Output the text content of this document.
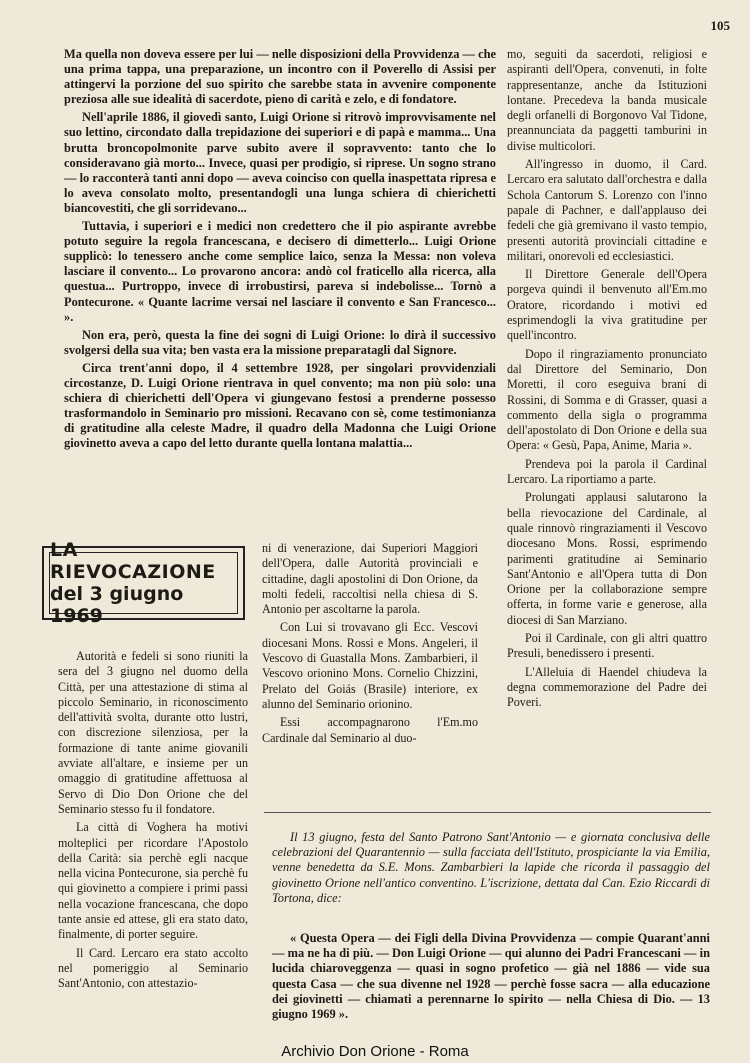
105

Ma quella non doveva essere per lui — nelle disposizioni della Provvidenza — che una prima tappa, una preparazione, un incontro con il Poverello di Assisi per attingervi la porzione del suo spirito che sarebbe stata in avvenire componente preziosa alle sue idealità di sacerdote, pieno di carità e zelo, e di fondatore.

Nell'aprile 1886, il giovedì santo, Luigi Orione si ritrovò improvvisamente nel suo lettino, circondato dalla trepidazione dei superiori e di papà e mamma... Una brutta broncopolmonite parve subito avere il sopravvento: tanto che lo consideravano già morto... Invece, quasi per prodigio, si riprese. Un sogno strano — lo racconterà tanti anni dopo — aveva coinciso con quella inaspettata ripresa e lo aveva consolato molto, presentandogli una lunga schiera di chierichetti biancovestiti, che gli sorridevano...

Tuttavia, i superiori e i medici non credettero che il pio aspirante avrebbe potuto seguire la regola francescana, e decisero di dimetterlo... Luigi Orione supplicò: lo tenessero anche come semplice laico, senza la Messa: non voleva lasciare il convento... Lo provarono ancora: andò col fraticello alla ricerca, alla questua... Purtroppo, invece di irrobustirsi, pareva si indebolisse... Tornò a Pontecurone. « Quante lacrime versai nel lasciare il convento e San Francesco... ».

Non era, però, questa la fine dei sogni di Luigi Orione: lo dirà il successivo svolgersi della sua vita; ben vasta era la missione preparatagli dal Signore.

Circa trent'anni dopo, il 4 settembre 1928, per singolari provvidenziali circostanze, D. Luigi Orione rientrava in quel convento; ma non più solo: una schiera di chierichetti dell'Opera vi giungevano festosi a prenderne possesso trasformandolo in Seminario pro missioni. Recavano con sè, come testimonianza di gratitudine alla celeste Madre, il quadro della Madonna che Luigi Orione giovinetto aveva a capo del letto durante quella lontana malattia...

mo, seguiti da sacerdoti, religiosi e aspiranti dell'Opera, convenuti, in folte rappresentanze, anche da Istituzioni lontane. Precedeva la banda musicale degli orfanelli di Borgonovo Val Tidone, preannunciata da paggetti tamburini in divise multicolori.

All'ingresso in duomo, il Card. Lercaro era salutato dall'orchestra e dalla Schola Cantorum S. Lorenzo con l'inno papale di Pachner, e dall'applauso dei fedeli che già gremivano il vasto tempio, presenti autorità provinciali cittadine e militari, onorevoli ed ecclesiastici.

Il Direttore Generale dell'Opera porgeva quindi il benvenuto all'Em.mo Oratore, ricordando i motivi ed esprimendogli la viva gratitudine per quell'incontro.

Dopo il ringraziamento pronunciato dal Direttore del Seminario, Don Moretti, il coro eseguiva brani di Rossini, di Somma e di Grasser, quasi a commento della sigla o programma dell'apostolato di Don Orione e della sua Opera: « Gesù, Papa, Anime, Maria ».

Prendeva poi la parola il Cardinal Lercaro. La riportiamo a parte.

Prolungati applausi salutarono la bella rievocazione del Cardinale, al quale rinnovò ringraziamenti il Vescovo diocesano Mons. Rossi, esprimendo parimenti gratitudine ai Seminario Sant'Antonio e all'Opera tutta di Don Orione per la collaborazione sempre offerta, in forme varie e generose, alla diocesi di San Marziano.

Poi il Cardinale, con gli altri quattro Presuli, benedissero i presenti.

L'Alleluia di Haendel chiudeva la degna commemorazione del Padre dei Poveri.

LA RIEVOCAZIONE
del 3 giugno 1969

ni di venerazione, dai Superiori Maggiori dell'Opera, dalle Autorità provinciali e cittadine, dagli apostolini di Don Orione, da molti fedeli, raccoltisi nella chiesa di S. Antonio per ascoltarne la parola.

Con Lui si trovavano gli Ecc. Vescovi diocesani Mons. Rossi e Mons. Angeleri, il Vescovo di Guastalla Mons. Zambarbieri, il Vescovo orionino Mons. Cornelio Chizzini, Prelato del Goiás (Brasile) interiore, ex alunno del Seminario orionino.

Essi accompagnarono l'Em.mo Cardinale dal Seminario al duo-

Autorità e fedeli si sono riuniti la sera del 3 giugno nel duomo della Città, per una attestazione di stima al piccolo Seminario, in riconoscimento dell'attività svolta, durante otto lustri, con discrezione silenziosa, per la formazione di tante anime giovanili avviate all'altare, e insieme per un omaggio di gratitudine affettuosa al Servo di Dio Don Orione che del Seminario stesso fu il fondatore.

La città di Voghera ha motivi molteplici per ricordare l'Apostolo della Carità: sia perchè egli nacque nella vicina Pontecurone, sia perchè fu qui giovinetto a compiere i primi passi nella vocazione francescana, che dopo tante ansie ed attese, gli era stato dato, finalmente, di porter seguire.

Il Card. Lercaro era stato accolto nel pomeriggio al Seminario Sant'Antonio, con attestazio-

Il 13 giugno, festa del Santo Patrono Sant'Antonio — e giornata conclusiva delle celebrazioni del Quarantennio — sulla facciata dell'Istituto, prospiciante la via Emilia, venne benedetta da S.E. Mons. Zambarbieri la lapide che ricorda il passaggio del giovinetto Orione nell'antico conventino. L'iscrizione, dettata dal Can. Ezio Riccardi di Tortona, dice:

« Questa Opera — dei Figli della Divina Provvidenza — compie Quarant'anni — ma ne ha di più. — Don Luigi Orione — qui alunno dei Padri Francescani — in lucida chiaroveggenza — quasi in sogno profetico — già nel 1886 — vide sua questa Casa — che sua divenne nel 1928 — perchè fosse sacra — alla educazione dei giovinetti — chiamati a perennarne lo spirito — nella Chiesa di Dio. — 13 giugno 1969 ».

Archivio Don Orione - Roma
